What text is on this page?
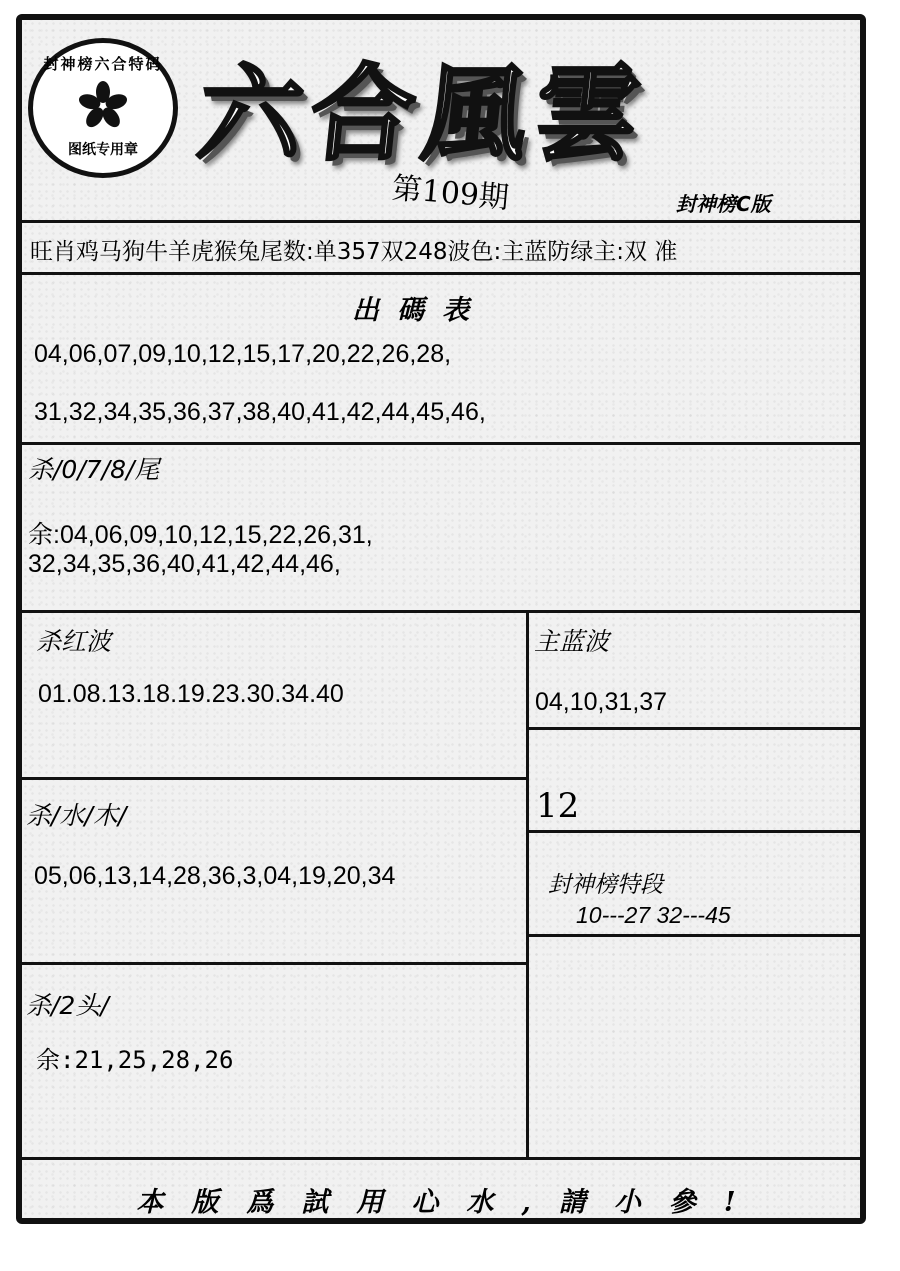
封神榜六合特码
图纸专用章 六合風雲
第109期	封神榜C版
旺肖鸡马狗牛羊虎猴兔尾数:单357双248波色:主蓝防绿主:双 准
出碼表
04,06,07,09,10,12,15,17,20,22,26,28,
31,32,34,35,36,37,38,40,41,42,44,45,46,
杀/0/7/8/尾
余:04,06,09,10,12,15,22,26,31,
32,34,35,36,40,41,42,44,46,
杀红波
01.08.13.18.19.23.30.34.40
主蓝波
04,10,31,37
杀/水/木/
05,06,13,14,28,36,3,04,19,20,34
12
封神榜特段
10---27 32---45
杀/2头/
余:21,25,28,26
本版爲試用心水,請小參!
